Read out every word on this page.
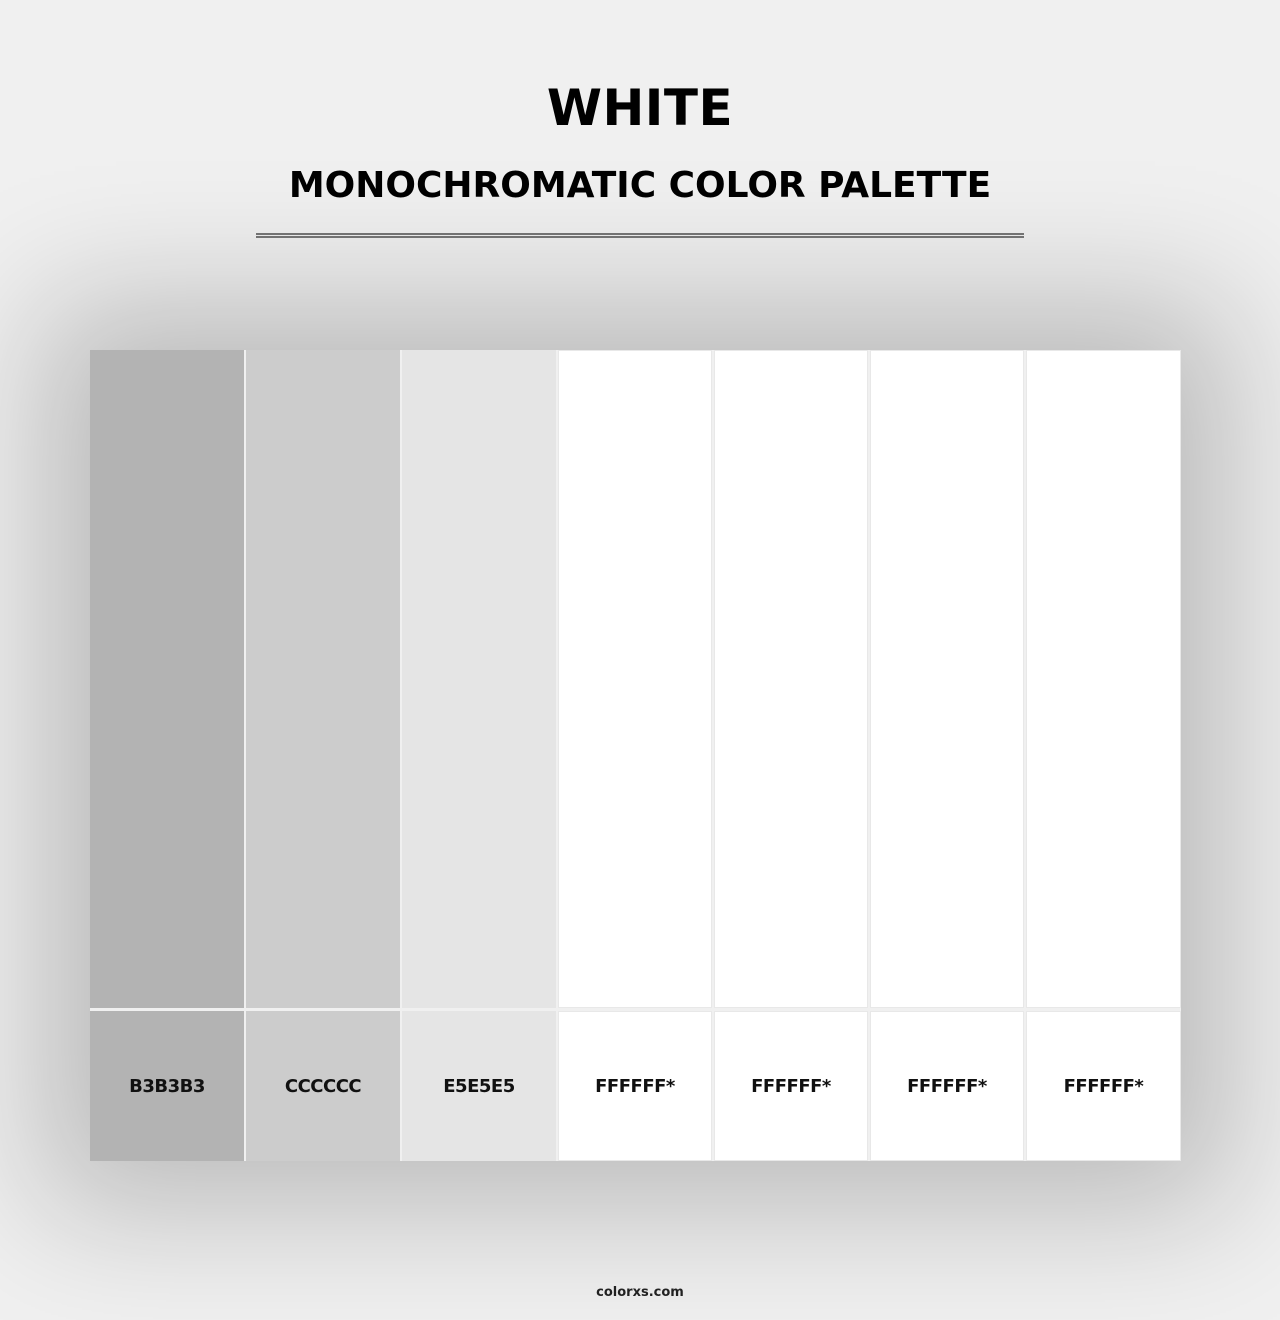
WHITE
MONOCHROMATIC COLOR PALETTE
B3B3B3	CCCCCC	E5E5E5	FFFFFF*	FFFFFF*	FFFFFF*	FFFFFF*
colorxs.com
